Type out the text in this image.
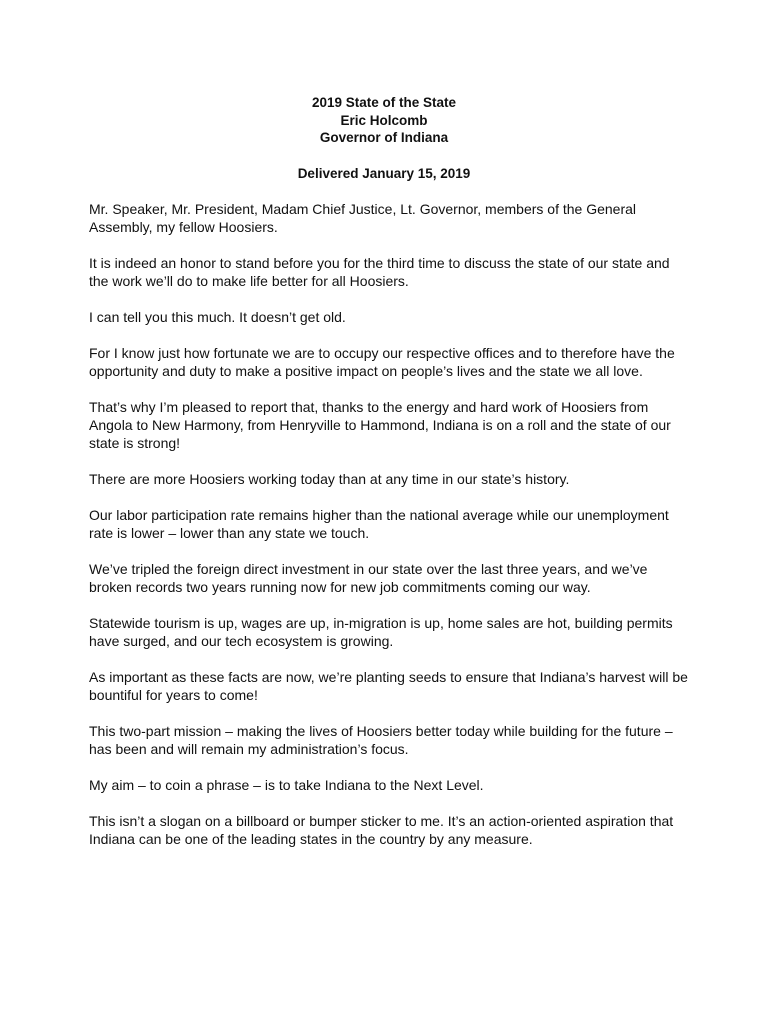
2019 State of the State
Eric Holcomb
Governor of Indiana
Delivered January 15, 2019

Mr. Speaker, Mr. President, Madam Chief Justice, Lt. Governor, members of the General Assembly, my fellow Hoosiers.

It is indeed an honor to stand before you for the third time to discuss the state of our state and the work we’ll do to make life better for all Hoosiers.

I can tell you this much. It doesn’t get old.

For I know just how fortunate we are to occupy our respective offices and to therefore have the opportunity and duty to make a positive impact on people’s lives and the state we all love.

That’s why I’m pleased to report that, thanks to the energy and hard work of Hoosiers from Angola to New Harmony, from Henryville to Hammond, Indiana is on a roll and the state of our state is strong!

There are more Hoosiers working today than at any time in our state’s history.

Our labor participation rate remains higher than the national average while our unemployment rate is lower – lower than any state we touch.

We’ve tripled the foreign direct investment in our state over the last three years, and we’ve broken records two years running now for new job commitments coming our way.

Statewide tourism is up, wages are up, in-migration is up, home sales are hot, building permits have surged, and our tech ecosystem is growing.

As important as these facts are now, we’re planting seeds to ensure that Indiana’s harvest will be bountiful for years to come!

This two-part mission – making the lives of Hoosiers better today while building for the future – has been and will remain my administration’s focus.

My aim – to coin a phrase – is to take Indiana to the Next Level.

This isn’t a slogan on a billboard or bumper sticker to me. It’s an action-oriented aspiration that Indiana can be one of the leading states in the country by any measure.
